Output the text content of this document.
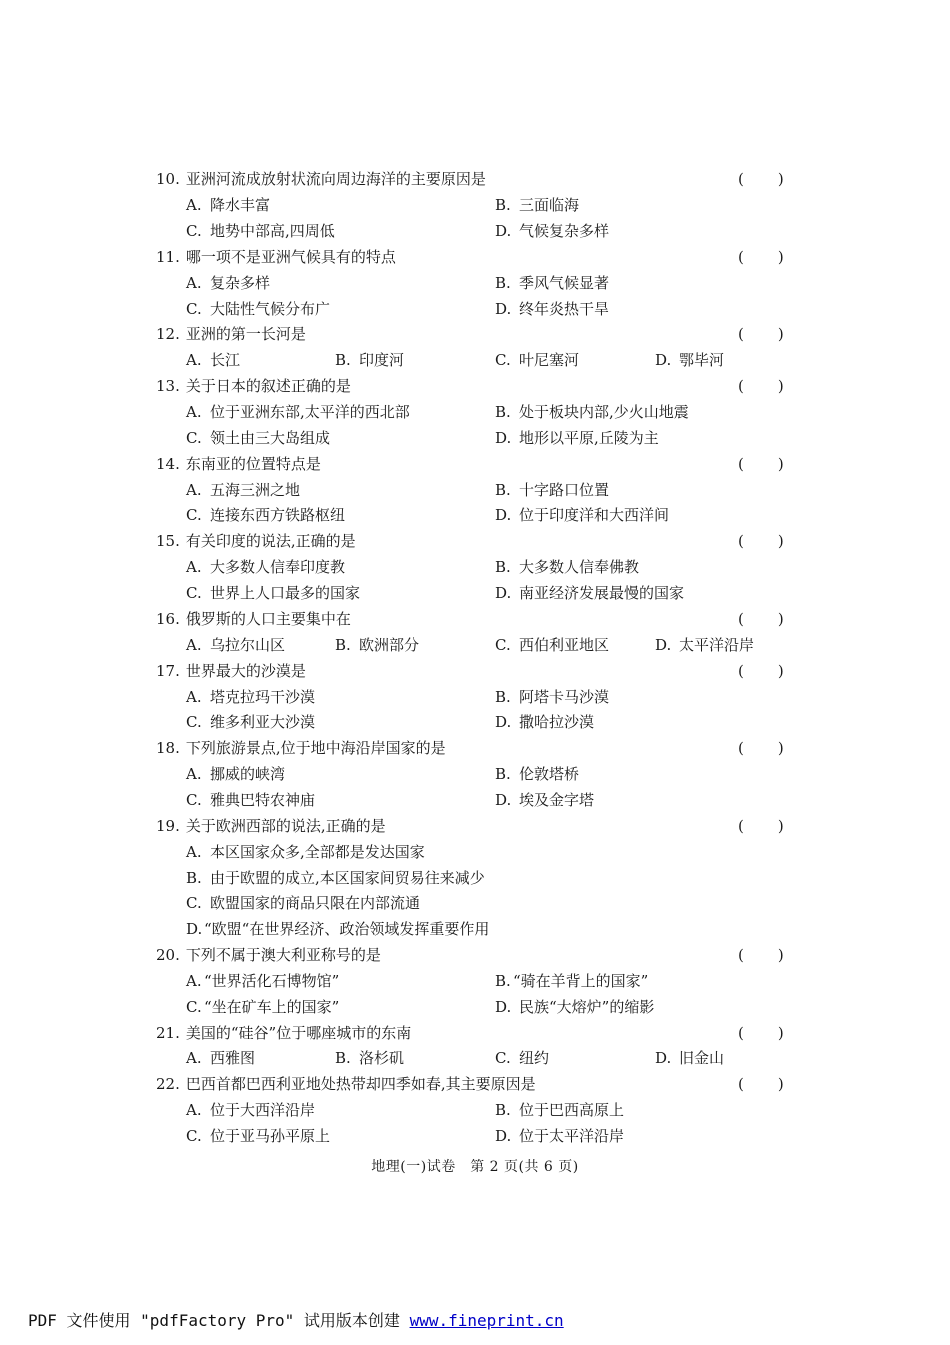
10. 亚洲河流成放射状流向周边海洋的主要原因是	( )
A. 降水丰富	B. 三面临海
C. 地势中部高,四周低	D. 气候复杂多样
11. 哪一项不是亚洲气候具有的特点	( )
A. 复杂多样	B. 季风气候显著
C. 大陆性气候分布广	D. 终年炎热干旱
12. 亚洲的第一长河是	( )
A. 长江	B. 印度河	C. 叶尼塞河	D. 鄂毕河
13. 关于日本的叙述正确的是	( )
A. 位于亚洲东部,太平洋的西北部	B. 处于板块内部,少火山地震
C. 领土由三大岛组成	D. 地形以平原,丘陵为主
14. 东南亚的位置特点是	( )
A. 五海三洲之地	B. 十字路口位置
C. 连接东西方铁路枢纽	D. 位于印度洋和大西洋间
15. 有关印度的说法,正确的是	( )
A. 大多数人信奉印度教	B. 大多数人信奉佛教
C. 世界上人口最多的国家	D. 南亚经济发展最慢的国家
16. 俄罗斯的人口主要集中在	( )
A. 乌拉尔山区	B. 欧洲部分	C. 西伯利亚地区	D. 太平洋沿岸
17. 世界最大的沙漠是	( )
A. 塔克拉玛干沙漠	B. 阿塔卡马沙漠
C. 维多利亚大沙漠	D. 撒哈拉沙漠
18. 下列旅游景点,位于地中海沿岸国家的是	( )
A. 挪威的峡湾	B. 伦敦塔桥
C. 雅典巴特农神庙	D. 埃及金字塔
19. 关于欧洲西部的说法,正确的是	( )
A. 本区国家众多,全部都是发达国家
B. 由于欧盟的成立,本区国家间贸易往来减少
C. 欧盟国家的商品只限在内部流通
D. “欧盟“在世界经济、政治领域发挥重要作用
20. 下列不属于澳大利亚称号的是	( )
A. “世界活化石博物馆”	B. “骑在羊背上的国家”
C. “坐在矿车上的国家”	D. 民族“大熔炉”的缩影
21. 美国的“硅谷”位于哪座城市的东南	( )
A. 西雅图	B. 洛杉矶	C. 纽约	D. 旧金山
22. 巴西首都巴西利亚地处热带却四季如春,其主要原因是	( )
A. 位于大西洋沿岸	B. 位于巴西高原上
C. 位于亚马孙平原上	D. 位于太平洋沿岸
地理(一)试卷　第 2 页(共 6 页)
PDF 文件使用 "pdfFactory Pro" 试用版本创建 www.fineprint.cn
